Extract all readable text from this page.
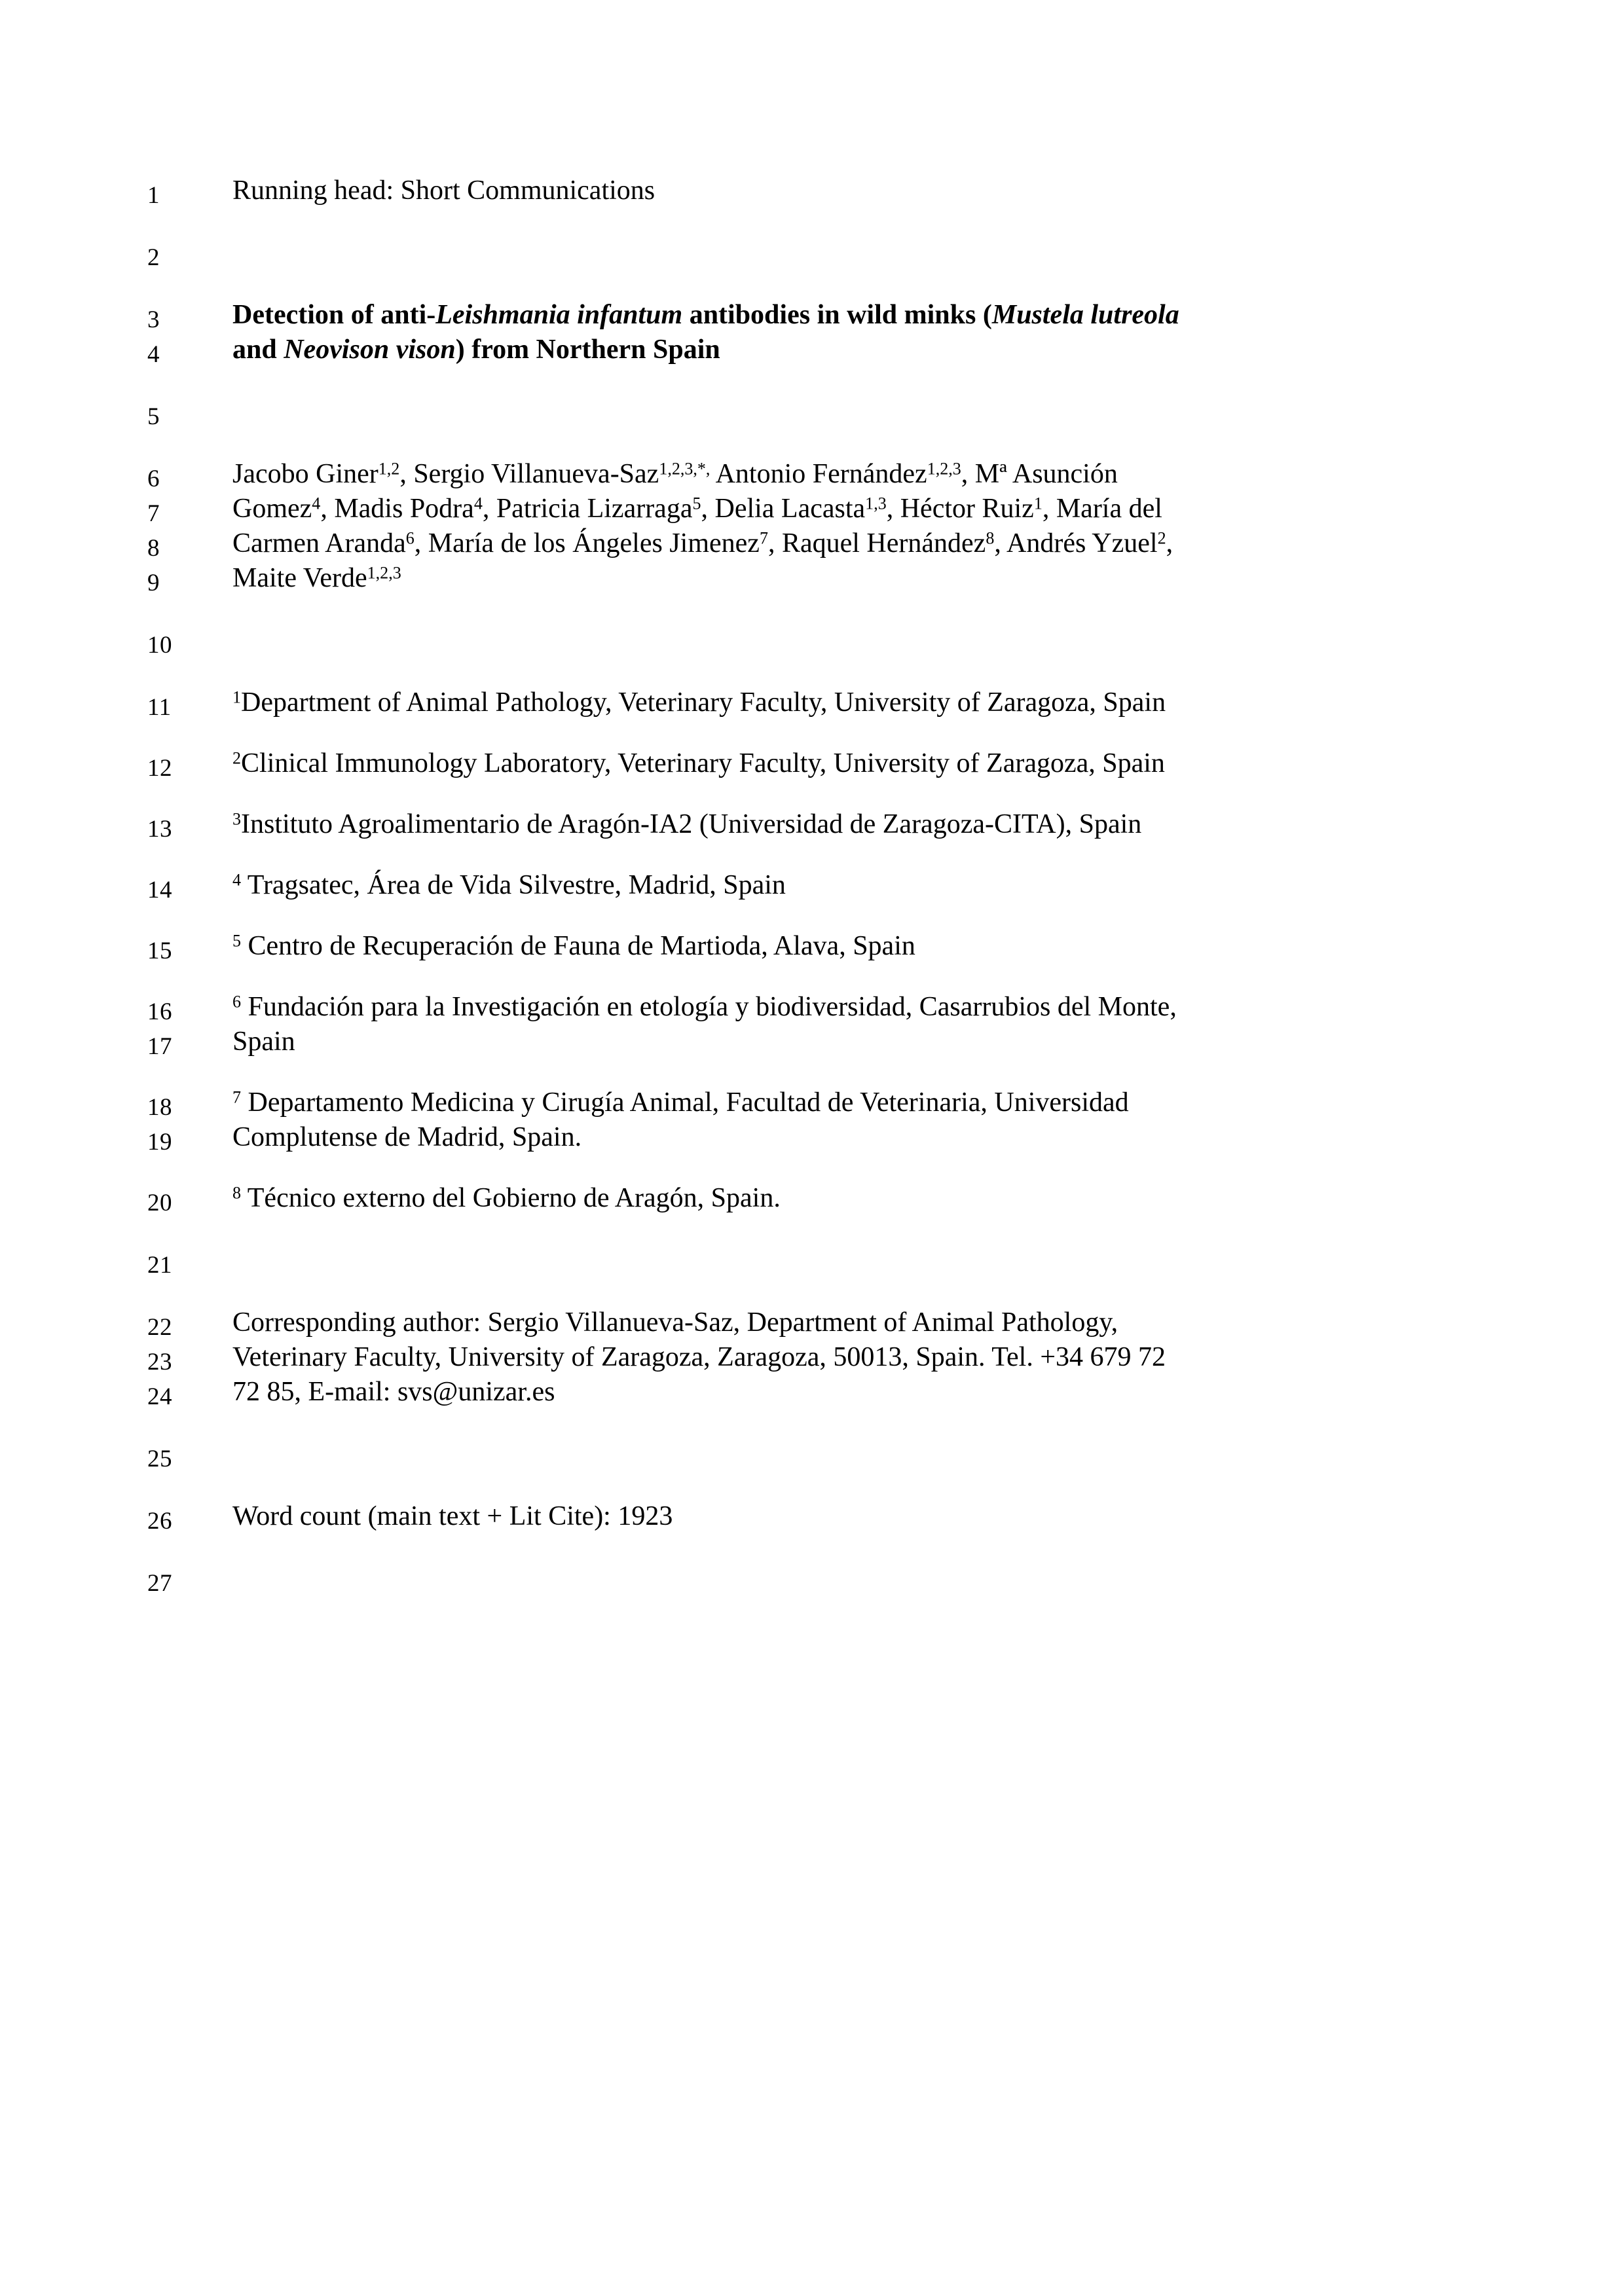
1	Running head: Short Communications
2
3	Detection of anti-Leishmania infantum antibodies in wild minks (Mustela lutreola
4	and Neovison vison) from Northern Spain
5
6	Jacobo Giner$^{1,2}$, Sergio Villanueva-Saz$^{1,2,3,*,}$ Antonio Fernández$^{1,2,3}$, Mª Asunción
7	Gomez$^4$, Madis Podra$^4$, Patricia Lizarraga$^5$, Delia Lacasta$^{1,3}$, Héctor Ruiz$^1$, María del
8	Carmen Aranda$^6$, María de los Ángeles Jimenez$^7$, Raquel Hernández$^8$, Andrés Yzuel$^2$,
9	Maite Verde$^{1,2,3}$
10
11	$^1$Department of Animal Pathology, Veterinary Faculty, University of Zaragoza, Spain
12	$^2$Clinical Immunology Laboratory, Veterinary Faculty, University of Zaragoza, Spain
13	$^3$Instituto Agroalimentario de Aragón-IA2 (Universidad de Zaragoza-CITA), Spain
14	$^4$ Tragsatec, Área de Vida Silvestre, Madrid, Spain
15	$^5$ Centro de Recuperación de Fauna de Martioda, Alava, Spain
16	$^6$ Fundación para la Investigación en etología y biodiversidad, Casarrubios del Monte,
17	Spain
18	$^7$ Departamento Medicina y Cirugía Animal, Facultad de Veterinaria, Universidad
19	Complutense de Madrid, Spain.
20	$^8$ Técnico externo del Gobierno de Aragón, Spain.
21
22	Corresponding author: Sergio Villanueva-Saz, Department of Animal Pathology,
23	Veterinary Faculty, University of Zaragoza, Zaragoza, 50013, Spain. Tel. +34 679 72
24	72 85, E-mail: svs@unizar.es
25
26	Word count (main text + Lit Cite): 1923
27
